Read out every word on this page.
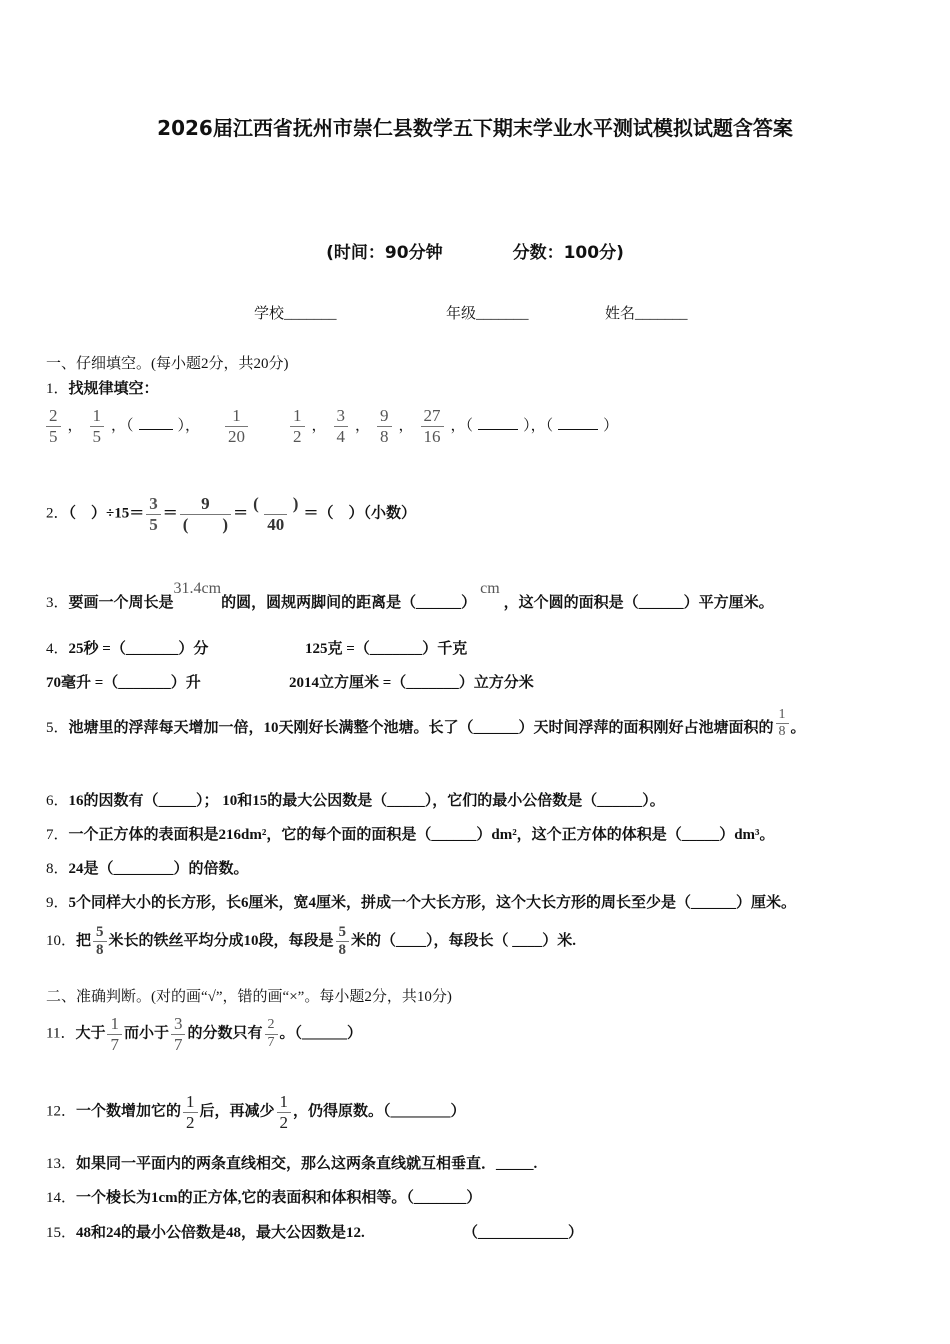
2026届江西省抚州市崇仁县数学五下期末学业水平测试模拟试题含答案
(时间：90分钟	分数：100分)
学校_______	年级_______	姓名_______
一、仔细填空。(每小题2分，共20分)
1．找规律填空：
$\frac{2}{5}$ ， $\frac{1}{5}$ ，（	）， $\frac{1}{20} \frac{1}{2}$ ， $\frac{3}{4}$ ， $\frac{9}{8}$ ， $\frac{27}{16}$ ，（	），（	）
2．（　）$\div 15= \frac{3}{5} = \frac{9}{( )} = \frac{( )}{40}$ ＝（　）（小数）
3．要画一个周长是31.4cm的圆，圆规两脚间的距离是（______）cm，这个圆的面积是（______）平方厘米。
4．25秒 =（_______）分	125克 =（_______）千克
70毫升 =（_______）升	2014立方厘米 =（_______）立方分米
5．池塘里的浮萍每天增加一倍，10天刚好长满整个池塘。长了（______）天时间浮萍的面积刚好占池塘面积的 $\frac{1}{8}$ 。
6．16的因数有（_____）； 10和15的最大公因数是（_____），它们的最小公倍数是（______）。
7．一个正方体的表面积是216dm²，它的每个面的面积是（______）dm²，这个正方体的体积是（_____）dm³。
8．24是（________）的倍数。
9．5个同样大小的长方形，长6厘米，宽4厘米，拼成一个大长方形，这个大长方形的周长至少是（______）厘米。
10．把 $\frac{5}{8}$ 米长的铁丝平均分成10段，每段是 $\frac{5}{8}$ 米的（____），每段长（ ____）米.
二、准确判断。(对的画“√”，错的画“×”。每小题2分，共10分)
11．大于 $\frac{1}{7}$ 而小于 $\frac{3}{7}$ 的分数只有 $\frac{2}{7}$ 。（______）
12．一个数增加它的 $\frac{1}{2}$ 后，再减少 $\frac{1}{2}$ ，仍得原数。（________）
13．如果同一平面内的两条直线相交，那么这两条直线就互相垂直．_____.
14．一个棱长为1cm的正方体,它的表面积和体积相等。（_______）
15．48和24的最小公倍数是48，最大公因数是12.	（____________）
